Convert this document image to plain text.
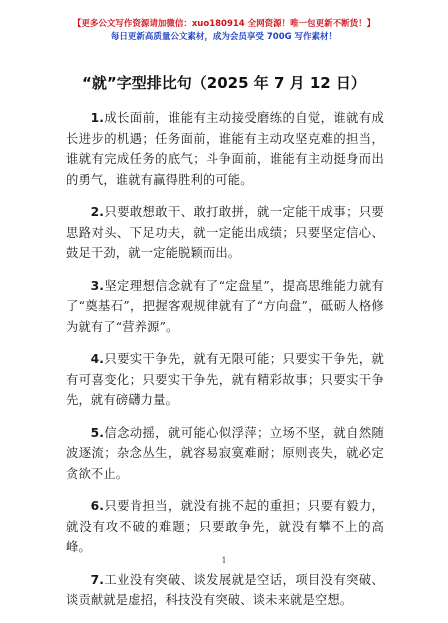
【更多公文写作资源请加微信：xuo180914 全网资源！唯一包更新不断货！】
每日更新高质量公文素材，成为会员享受 700G 写作素材！
“就”字型排比句（2025 年 7 月 12 日）

1.成长面前，谁能有主动接受磨练的自觉，谁就有成长进步的机遇；任务面前，谁能有主动攻坚克难的担当，谁就有完成任务的底气；斗争面前，谁能有主动挺身而出的勇气，谁就有赢得胜利的可能。

2.只要敢想敢干、敢打敢拼，就一定能干成事；只要思路对头、下足功夫，就一定能出成绩；只要坚定信心、鼓足干劲，就一定能脱颖而出。

3.坚定理想信念就有了“定盘星”，提高思维能力就有了“奠基石”，把握客观规律就有了“方向盘”，砥砺人格修为就有了“营养源”。

4.只要实干争先，就有无限可能；只要实干争先，就有可喜变化；只要实干争先，就有精彩故事；只要实干争先，就有磅礴力量。

5.信念动摇，就可能心似浮萍；立场不坚，就自然随波逐流；杂念丛生，就容易寂寞难耐；原则丧失，就必定贪欲不止。

6.只要肯担当，就没有挑不起的重担；只要有毅力，就没有攻不破的难题；只要敢争先，就没有攀不上的高峰。

7.工业没有突破、谈发展就是空话，项目没有突破、谈贡献就是虚招，科技没有突破、谈未来就是空想。

1
